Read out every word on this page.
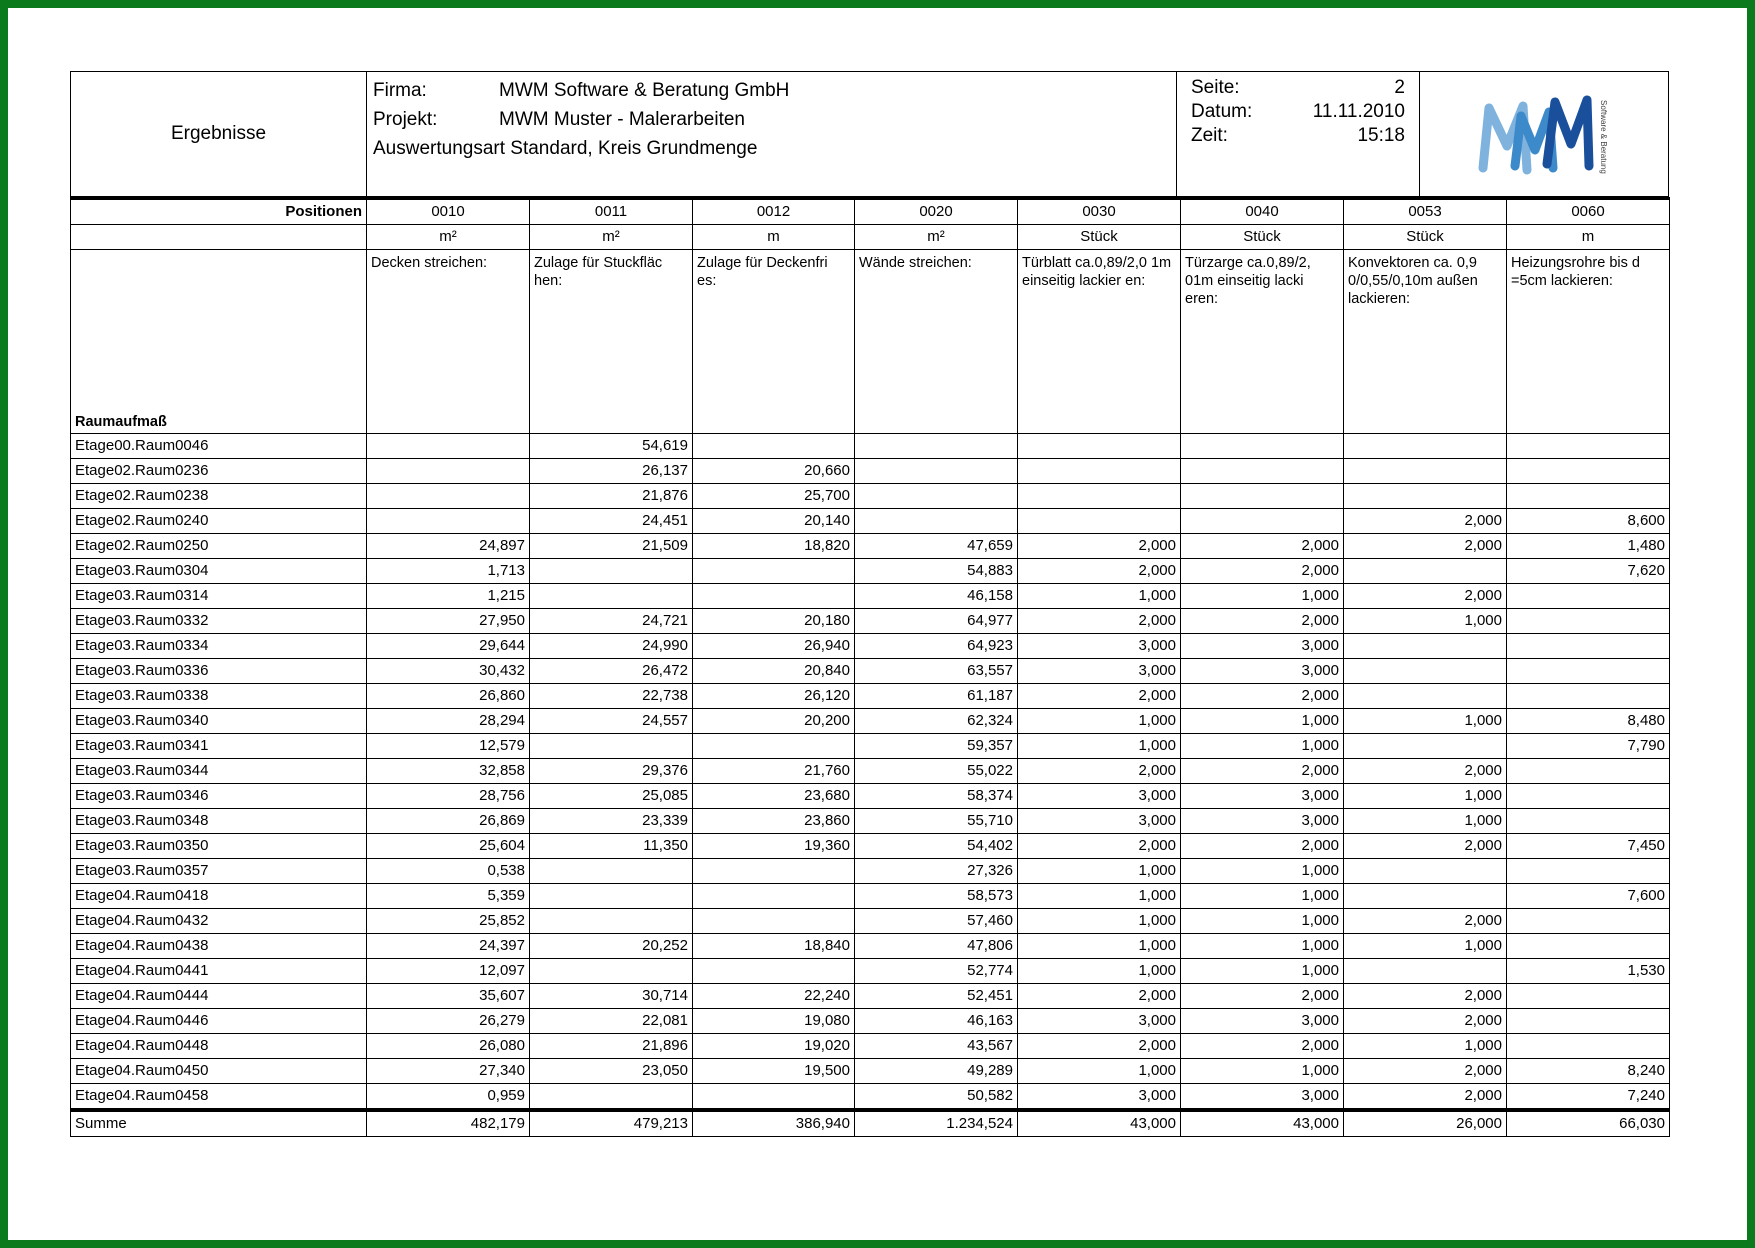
Ergebnisse
Firma:	MWM Software & Beratung GmbH
Projekt:	MWM Muster - Malerarbeiten
Auswertungsart Standard, Kreis Grundmenge
Seite:	2
Datum:	11.11.2010
Zeit:	15:18	Software & Beratung
Positionen	0010	0011	0012	0020	0030	0040	0053	0060
	m²	m²	m	m²	Stück	Stück	Stück	m
Raumaufmaß	Decken streichen:	Zulage für Stuckfläc hen:	Zulage für Deckenfri es:	Wände streichen:	Türblatt ca.0,89/2,0 1m einseitig lackier en:	Türzarge ca.0,89/2, 01m einseitig lacki eren:	Konvektoren ca. 0,9 0/0,55/0,10m außen lackieren:	Heizungsrohre bis d =5cm lackieren:
Etage00.Raum0046		54,619						
Etage02.Raum0236		26,137	20,660					
Etage02.Raum0238		21,876	25,700					
Etage02.Raum0240		24,451	20,140				2,000	8,600
Etage02.Raum0250	24,897	21,509	18,820	47,659	2,000	2,000	2,000	1,480
Etage03.Raum0304	1,713			54,883	2,000	2,000		7,620
Etage03.Raum0314	1,215			46,158	1,000	1,000	2,000	
Etage03.Raum0332	27,950	24,721	20,180	64,977	2,000	2,000	1,000	
Etage03.Raum0334	29,644	24,990	26,940	64,923	3,000	3,000		
Etage03.Raum0336	30,432	26,472	20,840	63,557	3,000	3,000		
Etage03.Raum0338	26,860	22,738	26,120	61,187	2,000	2,000		
Etage03.Raum0340	28,294	24,557	20,200	62,324	1,000	1,000	1,000	8,480
Etage03.Raum0341	12,579			59,357	1,000	1,000		7,790
Etage03.Raum0344	32,858	29,376	21,760	55,022	2,000	2,000	2,000	
Etage03.Raum0346	28,756	25,085	23,680	58,374	3,000	3,000	1,000	
Etage03.Raum0348	26,869	23,339	23,860	55,710	3,000	3,000	1,000	
Etage03.Raum0350	25,604	11,350	19,360	54,402	2,000	2,000	2,000	7,450
Etage03.Raum0357	0,538			27,326	1,000	1,000		
Etage04.Raum0418	5,359			58,573	1,000	1,000		7,600
Etage04.Raum0432	25,852			57,460	1,000	1,000	2,000	
Etage04.Raum0438	24,397	20,252	18,840	47,806	1,000	1,000	1,000	
Etage04.Raum0441	12,097			52,774	1,000	1,000		1,530
Etage04.Raum0444	35,607	30,714	22,240	52,451	2,000	2,000	2,000	
Etage04.Raum0446	26,279	22,081	19,080	46,163	3,000	3,000	2,000	
Etage04.Raum0448	26,080	21,896	19,020	43,567	2,000	2,000	1,000	
Etage04.Raum0450	27,340	23,050	19,500	49,289	1,000	1,000	2,000	8,240
Etage04.Raum0458	0,959			50,582	3,000	3,000	2,000	7,240
Summe	482,179	479,213	386,940	1.234,524	43,000	43,000	26,000	66,030
